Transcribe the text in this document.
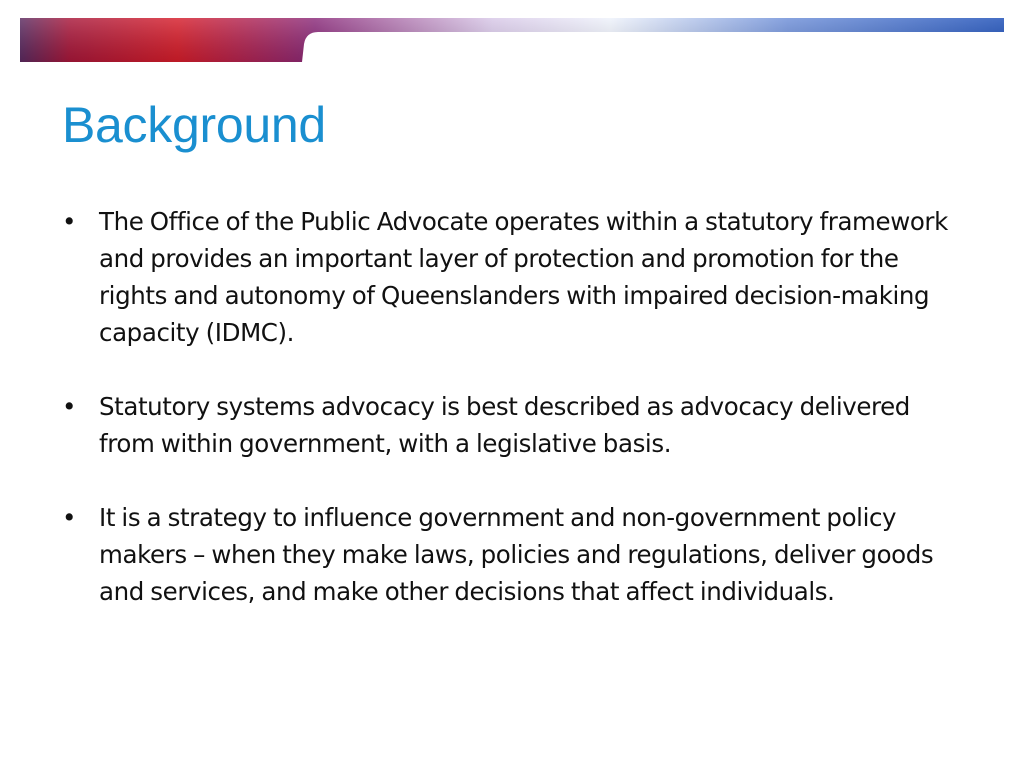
Background
• The Office of the Public Advocate operates within a statutory framework and provides an important layer of protection and promotion for the rights and autonomy of Queenslanders with impaired decision-making capacity (IDMC).
• Statutory systems advocacy is best described as advocacy delivered from within government, with a legislative basis.
• It is a strategy to influence government and non-government policy makers – when they make laws, policies and regulations, deliver goods and services, and make other decisions that affect individuals.
